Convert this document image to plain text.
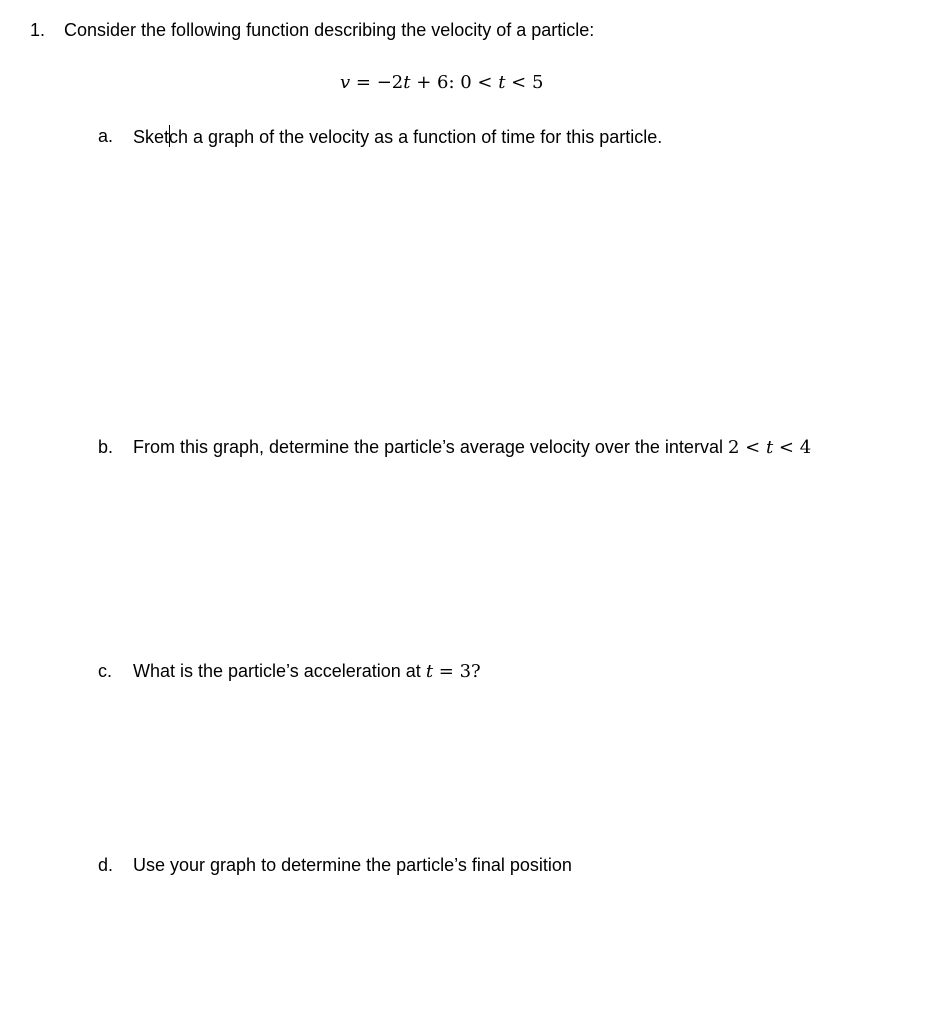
1. Consider the following function describing the velocity of a particle:
v = −2t + 6: 0 < t < 5
a. Sketch a graph of the velocity as a function of time for this particle.
b. From this graph, determine the particle’s average velocity over the interval 2 < t < 4
c. What is the particle’s acceleration at t = 3?
d. Use your graph to determine the particle’s final position
